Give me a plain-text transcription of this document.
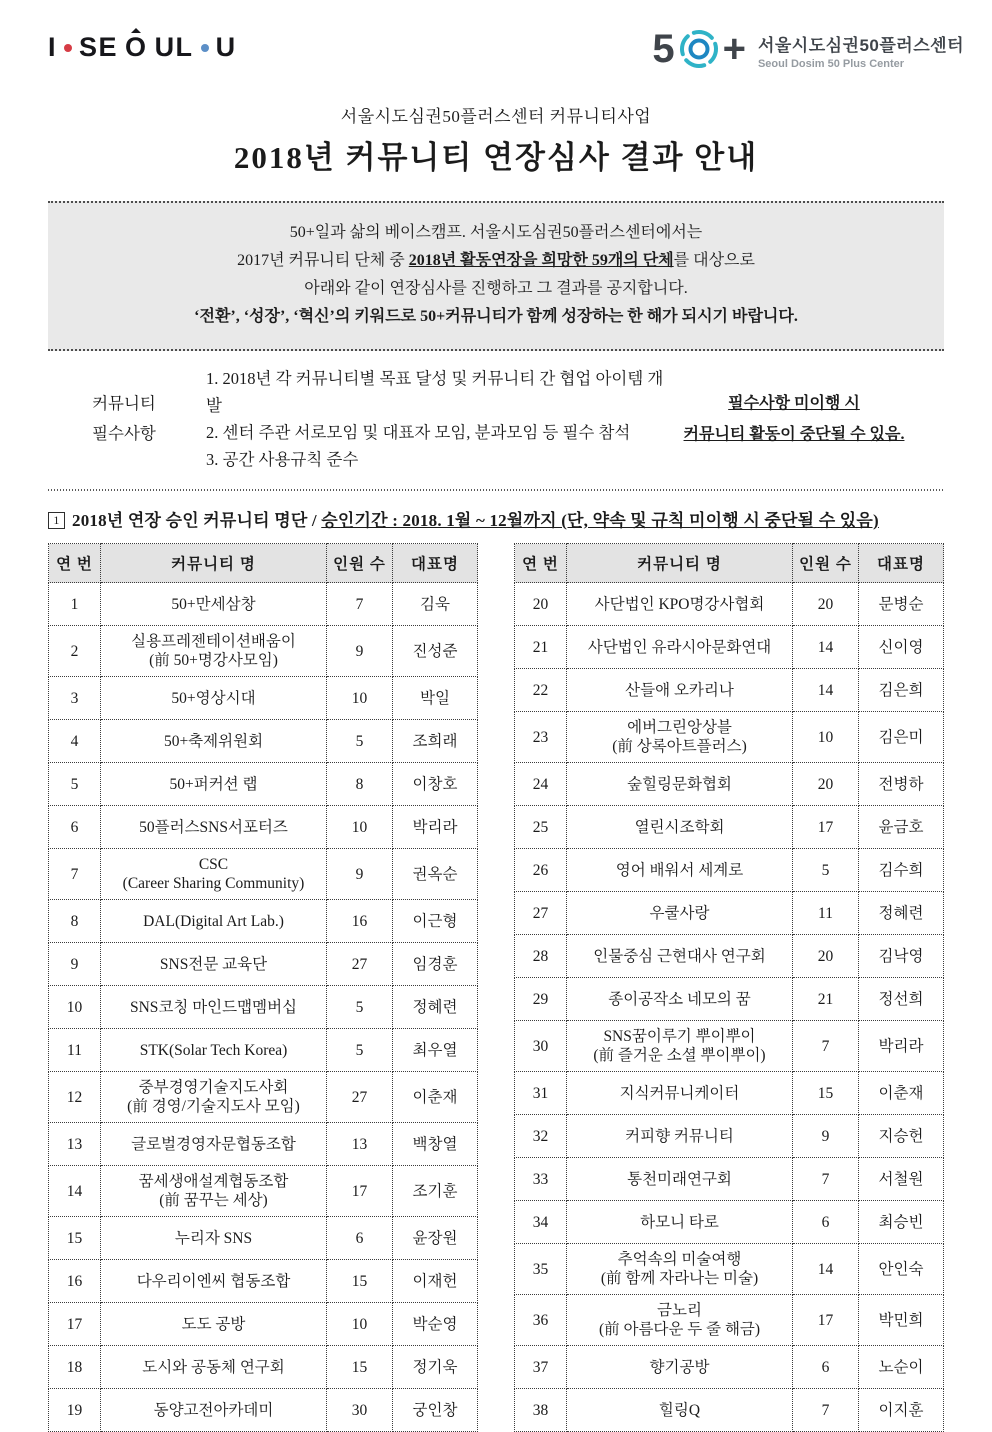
I SE O UL U	5 + 서울시도심권50플러스센터
Seoul Dosim 50 Plus Center
서울시도심권50플러스센터 커뮤니티사업
2018년 커뮤니티 연장심사 결과 안내
50+일과 삶의 베이스캠프. 서울시도심권50플러스센터에서는
2017년 커뮤니티 단체 중 2018년 활동연장을 희망한 59개의 단체를 대상으로
아래와 같이 연장심사를 진행하고 그 결과를 공지합니다.
‘전환’, ‘성장’, ‘혁신’의 키워드로 50+커뮤니티가 함께 성장하는 한 해가 되시기 바랍니다.
커뮤니티
필수사항
1. 2018년 각 커뮤니티별 목표 달성 및 커뮤니티 간 협업 아이템 개발
2. 센터 주관 서로모임 및 대표자 모임, 분과모임 등 필수 참석
3. 공간 사용규칙 준수
필수사항 미이행 시
커뮤니티 활동이 중단될 수 있음.
1 2018년 연장 승인 커뮤니티 명단 / 승인기간 : 2018. 1월 ~ 12월까지 (단, 약속 및 규칙 미이행 시 중단될 수 있음)
연 번	커뮤니티 명	인원 수	대표명
1	50+만세삼창	7	김욱
2	실용프레젠테이션배움이
(前 50+명강사모임)	9	진성준
3	50+영상시대	10	박일
4	50+축제위원회	5	조희래
5	50+퍼커션 랩	8	이창호
6	50플러스SNS서포터즈	10	박리라
7	CSC
(Career Sharing Community)	9	권옥순
8	DAL(Digital Art Lab.)	16	이근형
9	SNS전문 교육단	27	임경훈
10	SNS코칭 마인드맵멤버십	5	정혜련
11	STK(Solar Tech Korea)	5	최우열
12	중부경영기술지도사회
(前 경영/기술지도사 모임)	27	이춘재
13	글로벌경영자문협동조합	13	백창열
14	꿈세생애설계협동조합
(前 꿈꾸는 세상)	17	조기훈
15	누리자 SNS	6	윤장원
16	다우리이엔씨 협동조합	15	이재헌
17	도도 공방	10	박순영
18	도시와 공동체 연구회	15	정기욱
19	동양고전아카데미	30	궁인창
연 번	커뮤니티 명	인원 수	대표명
20	사단법인 KPO명강사협회	20	문병순
21	사단법인 유라시아문화연대	14	신이영
22	산들애 오카리나	14	김은희
23	에버그린앙상블
(前 상록아트플러스)	10	김은미
24	숲힐링문화협회	20	전병하
25	열린시조학회	17	윤금호
26	영어 배워서 세계로	5	김수희
27	우쿨사랑	11	정혜련
28	인물중심 근현대사 연구회	20	김낙영
29	종이공작소 네모의 꿈	21	정선희
30	SNS꿈이루기 뿌이뿌이
(前 즐거운 소셜 뿌이뿌이)	7	박리라
31	지식커뮤니케이터	15	이춘재
32	커피향 커뮤니티	9	지승헌
33	통천미래연구회	7	서철원
34	하모니 타로	6	최승빈
35	추억속의 미술여행
(前 함께 자라나는 미술)	14	안인숙
36	금노리
(前 아름다운 두 줄 해금)	17	박민희
37	향기공방	6	노순이
38	힐링Q	7	이지훈
